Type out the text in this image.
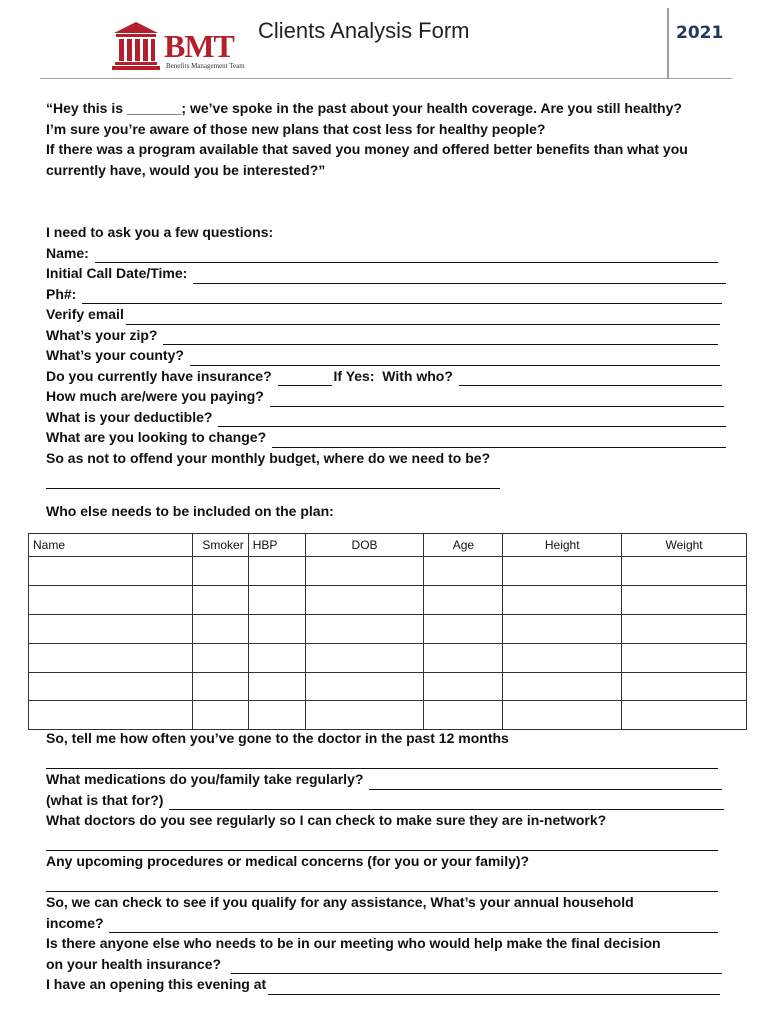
BMT
Benefits Management Team
Clients Analysis Form	2021

“Hey this is _______; we’ve spoke in the past about your health coverage. Are you still healthy?

I’m sure you’re aware of those new plans that cost less for healthy people?

If there was a program available that saved you money and offered better benefits than what you currently have, would you be interested?”

I need to ask you a few questions:
Name:
Initial Call Date/Time:
Ph#:
Verify email
What’s your zip?
What’s your county?
Do you currently have insurance?	If Yes:  With who?
How much are/were you paying?
What is your deductible?
What are you looking to change?
So as not to offend your monthly budget, where do we need to be?
Who else needs to be included on the plan:
Name	Smoker	HBP	DOB	Age	Height	Weight

So, tell me how often you’ve gone to the doctor in the past 12 months
What medications do you/family take regularly?
(what is that for?)
What doctors do you see regularly so I can check to make sure they are in-network?
Any upcoming procedures or medical concerns (for you or your family)?
So, we can check to see if you qualify for any assistance, What’s your annual household
income?
Is there anyone else who needs to be in our meeting who would help make the final decision
on your health insurance?
I have an opening this evening at
